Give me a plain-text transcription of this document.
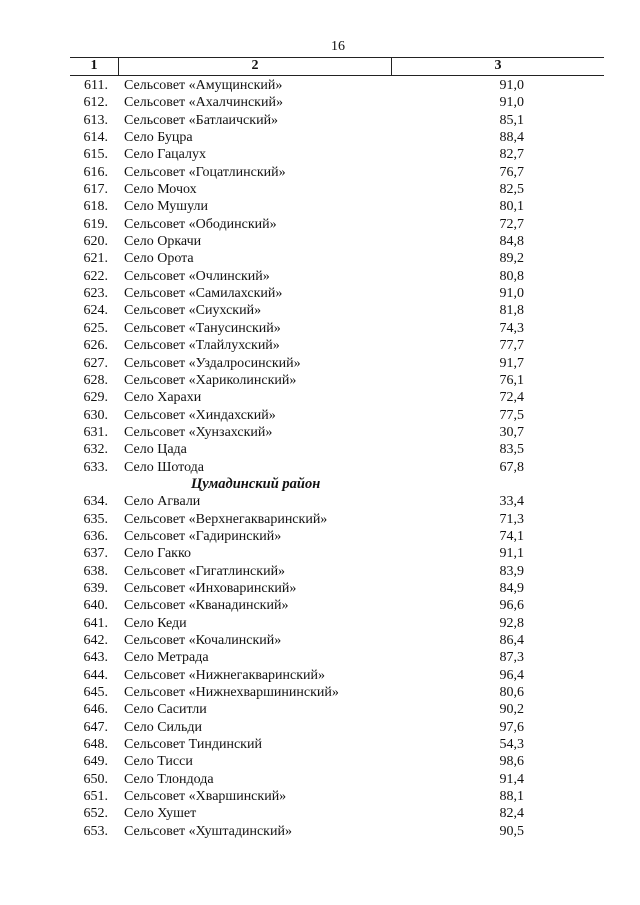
16
1	2	3
611.	Сельсовет «Амущинский»	91,0
612.	Сельсовет «Ахалчинский»	91,0
613.	Сельсовет «Батлаичский»	85,1
614.	Село Буцра	88,4
615.	Село Гацалух	82,7
616.	Сельсовет «Гоцатлинский»	76,7
617.	Село Мочох	82,5
618.	Село Мушули	80,1
619.	Сельсовет «Ободинский»	72,7
620.	Село Оркачи	84,8
621.	Село Орота	89,2
622.	Сельсовет «Очлинский»	80,8
623.	Сельсовет «Самилахский»	91,0
624.	Сельсовет «Сиухский»	81,8
625.	Сельсовет «Танусинский»	74,3
626.	Сельсовет «Тлайлухский»	77,7
627.	Сельсовет «Уздалросинский»	91,7
628.	Сельсовет «Хариколинский»	76,1
629.	Село Харахи	72,4
630.	Сельсовет «Хиндахский»	77,5
631.	Сельсовет «Хунзахский»	30,7
632.	Село Цада	83,5
633.	Село Шотода	67,8
Цумадинский район
634.	Село Агвали	33,4
635.	Сельсовет «Верхнегакваринский»	71,3
636.	Сельсовет «Гадиринский»	74,1
637.	Село Гакко	91,1
638.	Сельсовет «Гигатлинский»	83,9
639.	Сельсовет «Инховаринский»	84,9
640.	Сельсовет «Кванадинский»	96,6
641.	Село Кеди	92,8
642.	Сельсовет «Кочалинский»	86,4
643.	Село Метрада	87,3
644.	Сельсовет «Нижнегакваринский»	96,4
645.	Сельсовет «Нижнехваршининский»	80,6
646.	Село Саситли	90,2
647.	Село Сильди	97,6
648.	Сельсовет Тиндинский	54,3
649.	Село Тисси	98,6
650.	Село Тлондода	91,4
651.	Сельсовет «Хваршинский»	88,1
652.	Село Хушет	82,4
653.	Сельсовет «Хуштадинский»	90,5
